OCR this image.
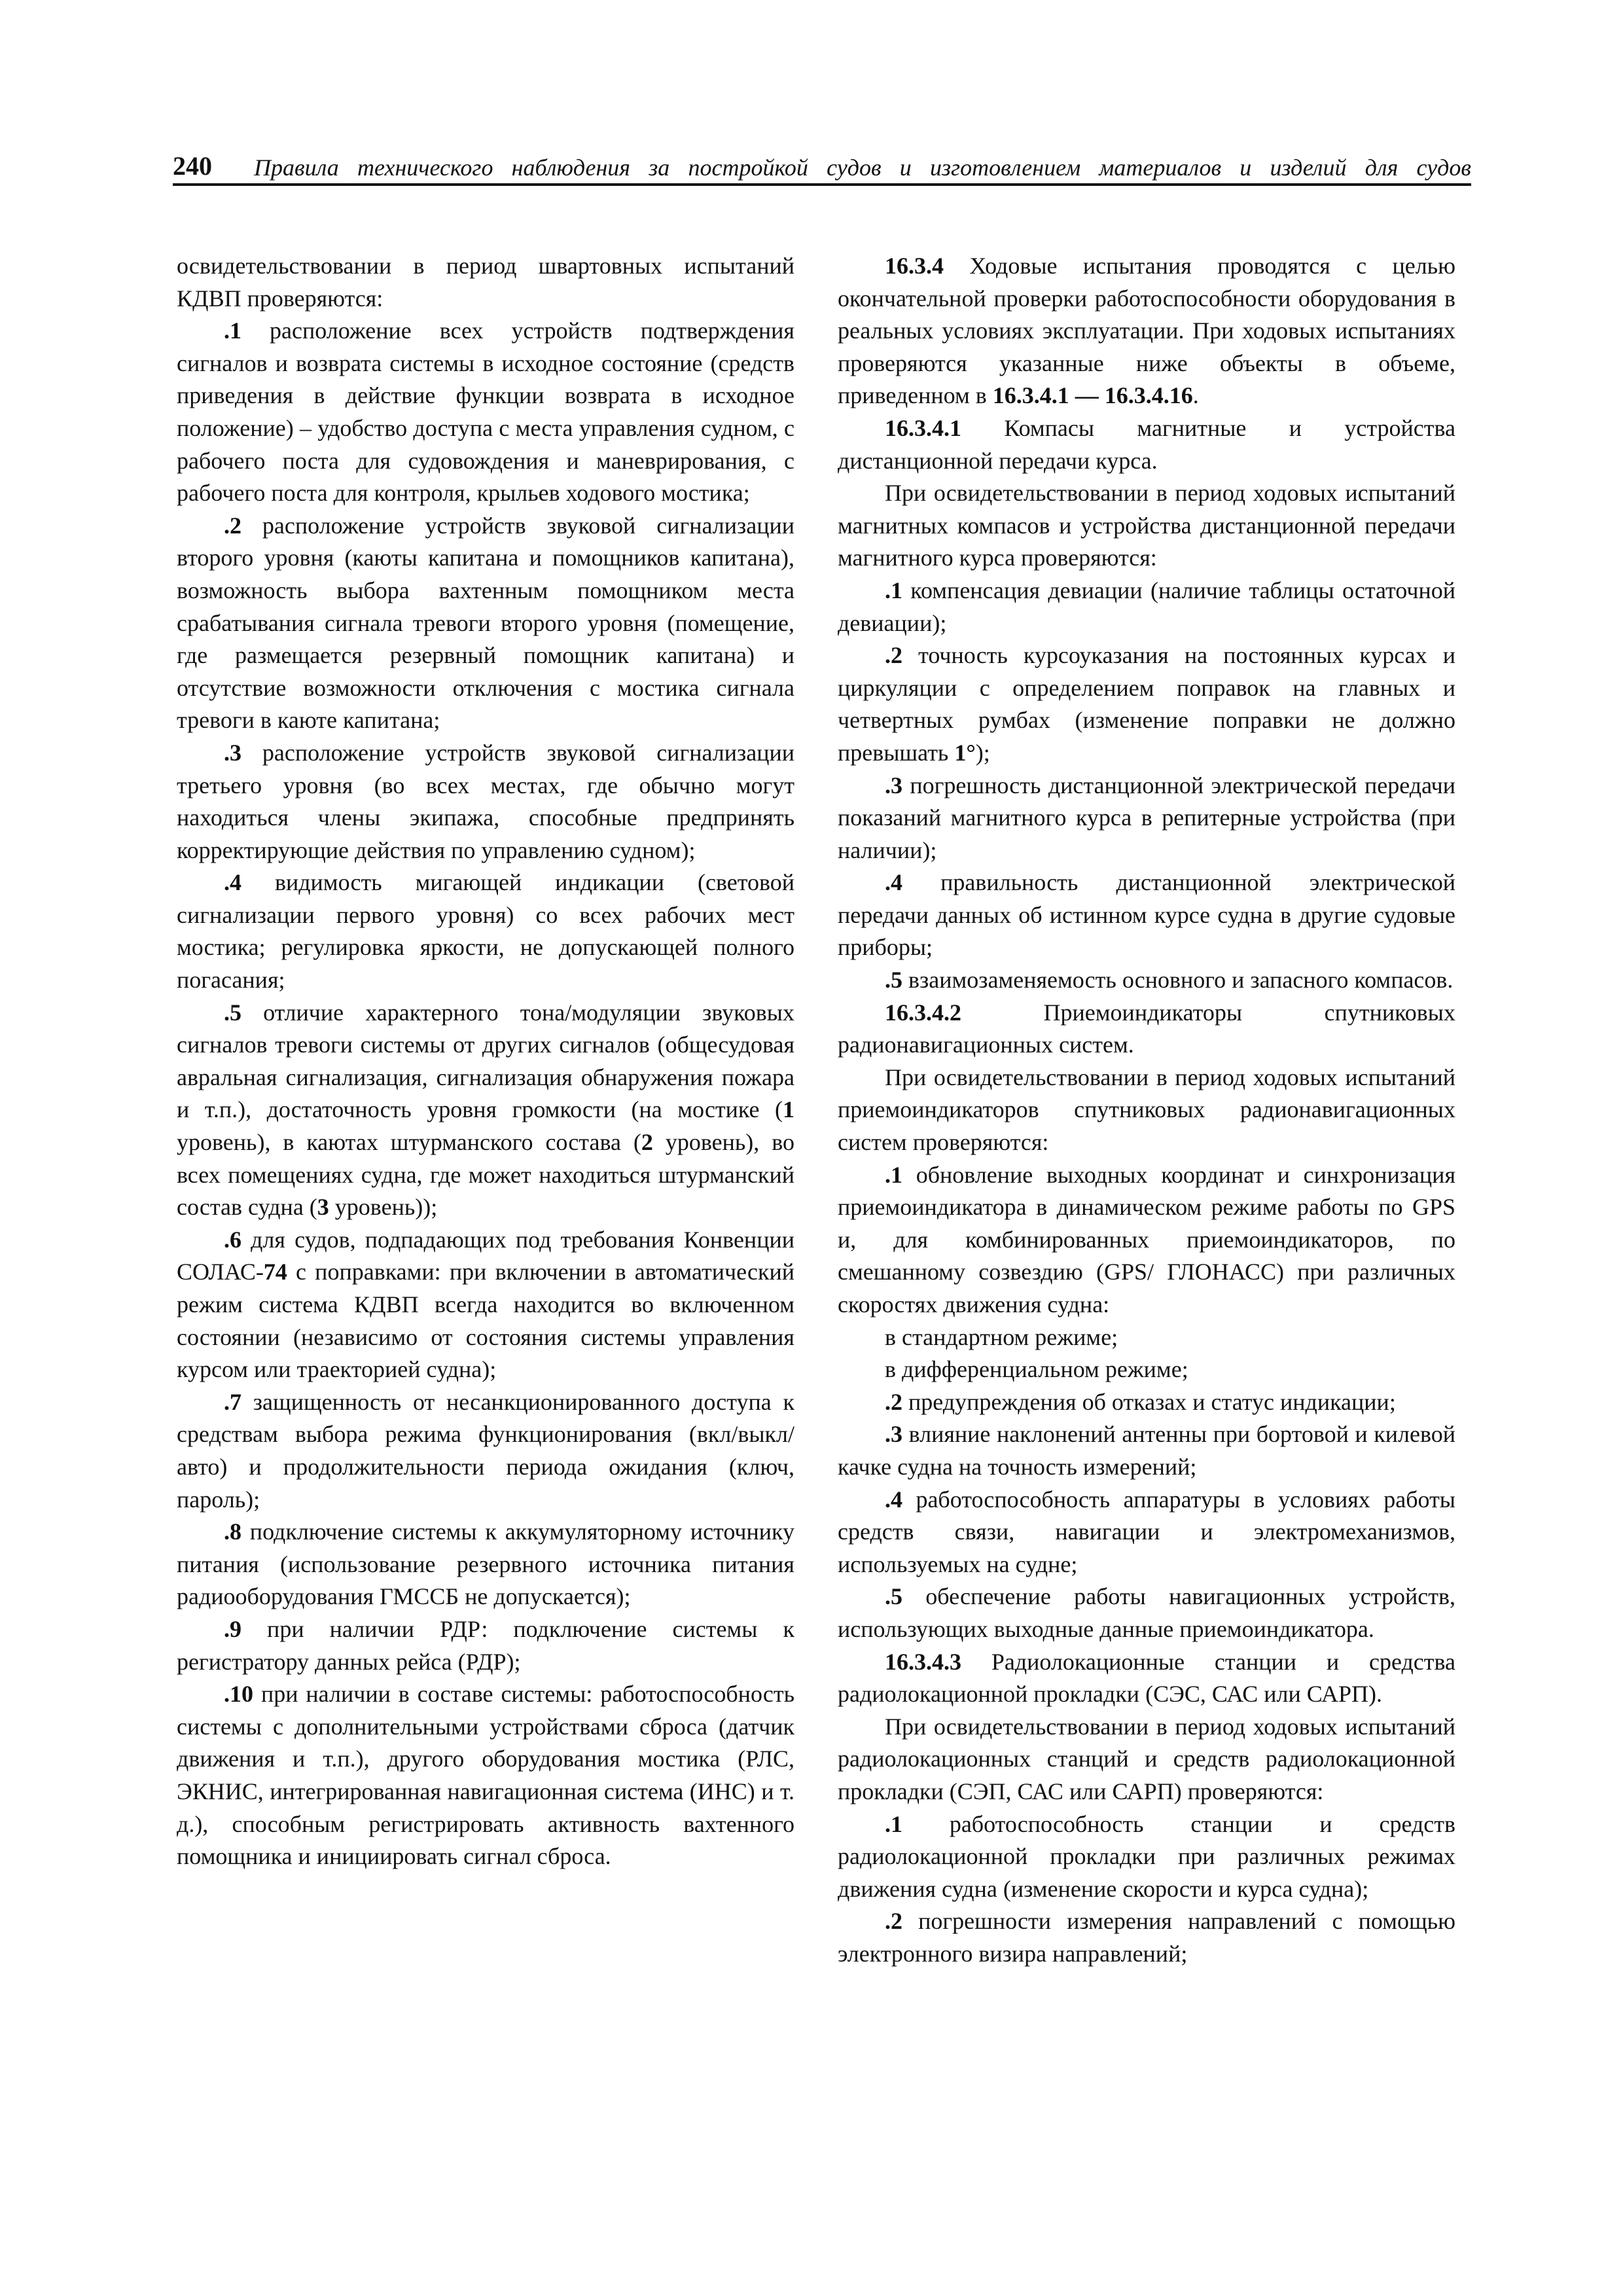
240 Правила технического наблюдения за постройкой судов и изготовлением материалов и изделий для судов

освидетельствовании в период швартовных испытаний КДВП проверяются:

.1 расположение всех устройств подтверждения сигналов и возврата системы в исходное состояние (средств приведения в действие функции возврата в исходное положение) – удобство доступа с места управления судном, с рабочего поста для судовождения и маневрирования, с рабочего поста для контроля, крыльев ходового мостика;

.2 расположение устройств звуковой сигнализации второго уровня (каюты капитана и помощников капитана), возможность выбора вахтенным помощником места срабатывания сигнала тревоги второго уровня (помещение, где размещается резервный помощник капитана) и отсутствие возможности отключения с мостика сигнала тревоги в каюте капитана;

.3 расположение устройств звуковой сигнализации третьего уровня (во всех местах, где обычно могут находиться члены экипажа, способные предпринять корректирующие действия по управлению судном);

.4 видимость мигающей индикации (световой сигнализации первого уровня) со всех рабочих мест мостика; регулировка яркости, не допускающей полного погасания;

.5 отличие характерного тона/модуляции звуковых сигналов тревоги системы от других сигналов (общесудовая авральная сигнализация, сигнализация обнаружения пожара и т.п.), достаточность уровня громкости (на мостике (1 уровень), в каютах штурманского состава (2 уровень), во всех помещениях судна, где может находиться штурманский состав судна (3 уровень));

.6 для судов, подпадающих под требования Конвенции СОЛАС-74 с поправками: при включении в автоматический режим система КДВП всегда находится во включенном состоянии (независимо от состояния системы управления курсом или траекторией судна);

.7 защищенность от несанкционированного доступа к средствам выбора режима функционирования (вкл/выкл/авто) и продолжительности периода ожидания (ключ, пароль);

.8 подключение системы к аккумуляторному источнику питания (использование резервного источника питания радиооборудования ГМССБ не допускается);

.9 при наличии РДР: подключение системы к регистратору данных рейса (РДР);

.10 при наличии в составе системы: работоспособность системы с дополнительными устройствами сброса (датчик движения и т.п.), другого оборудования мостика (РЛС, ЭКНИС, интегрированная навигационная система (ИНС) и т. д.), способным регистрировать активность вахтенного помощника и инициировать сигнал сброса.

16.3.4 Ходовые испытания проводятся с целью окончательной проверки работоспособности оборудования в реальных условиях эксплуатации. При ходовых испытаниях проверяются указанные ниже объекты в объеме, приведенном в 16.3.4.1 — 16.3.4.16.

16.3.4.1 Компасы магнитные и устройства дистанционной передачи курса.

При освидетельствовании в период ходовых испытаний магнитных компасов и устройства дистанционной передачи магнитного курса проверяются:

.1 компенсация девиации (наличие таблицы остаточной девиации);

.2 точность курсоуказания на постоянных курсах и циркуляции с определением поправок на главных и четвертных румбах (изменение поправки не должно превышать 1°);

.3 погрешность дистанционной электрической передачи показаний магнитного курса в репитерные устройства (при наличии);

.4 правильность дистанционной электрической передачи данных об истинном курсе судна в другие судовые приборы;

.5 взаимозаменяемость основного и запасного компасов.

16.3.4.2 Приемоиндикаторы спутниковых радионавигационных систем.

При освидетельствовании в период ходовых испытаний приемоиндикаторов спутниковых радионавигационных систем проверяются:

.1 обновление выходных координат и синхронизация приемоиндикатора в динамическом режиме работы по GPS и, для комбинированных приемоиндикаторов, по смешанному созвездию (GPS/ ГЛОНАСС) при различных скоростях движения судна:

в стандартном режиме;

в дифференциальном режиме;

.2 предупреждения об отказах и статус индикации;

.3 влияние наклонений антенны при бортовой и килевой качке судна на точность измерений;

.4 работоспособность аппаратуры в условиях работы средств связи, навигации и электромеханизмов, используемых на судне;

.5 обеспечение работы навигационных устройств, использующих выходные данные приемоиндикатора.

16.3.4.3 Радиолокационные станции и средства радиолокационной прокладки (СЭС, САС или САРП).

При освидетельствовании в период ходовых испытаний радиолокационных станций и средств радиолокационной прокладки (СЭП, САС или САРП) проверяются:

.1 работоспособность станции и средств радиолокационной прокладки при различных режимах движения судна (изменение скорости и курса судна);

.2 погрешности измерения направлений с помощью электронного визира направлений;
